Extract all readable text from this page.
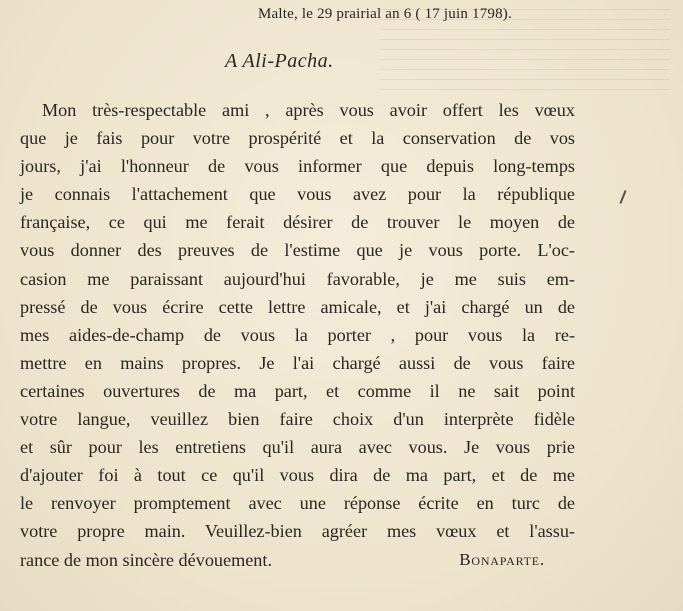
Malte, le 29 prairial an 6 ( 17 juin 1798).
A Ali-Pacha.
Mon très-respectable ami , après vous avoir offert les vœux
que je fais pour votre prospérité et la conservation de vos
jours, j'ai l'honneur de vous informer que depuis long-temps
je connais l'attachement que vous avez pour la république
française, ce qui me ferait désirer de trouver le moyen de
vous donner des preuves de l'estime que je vous porte. L'oc-
casion me paraissant aujourd'hui favorable, je me suis em-
pressé de vous écrire cette lettre amicale, et j'ai chargé un de
mes aides-de-champ de vous la porter , pour vous la re-
mettre en mains propres. Je l'ai chargé aussi de vous faire
certaines ouvertures de ma part, et comme il ne sait point
votre langue, veuillez bien faire choix d'un interprète fidèle
et sûr pour les entretiens qu'il aura avec vous. Je vous prie
d'ajouter foi à tout ce qu'il vous dira de ma part, et de me
le renvoyer promptement avec une réponse écrite en turc de
votre propre main. Veuillez-bien agréer mes vœux et l'assu-
rance de mon sincère dévouement.	Bonaparte.
